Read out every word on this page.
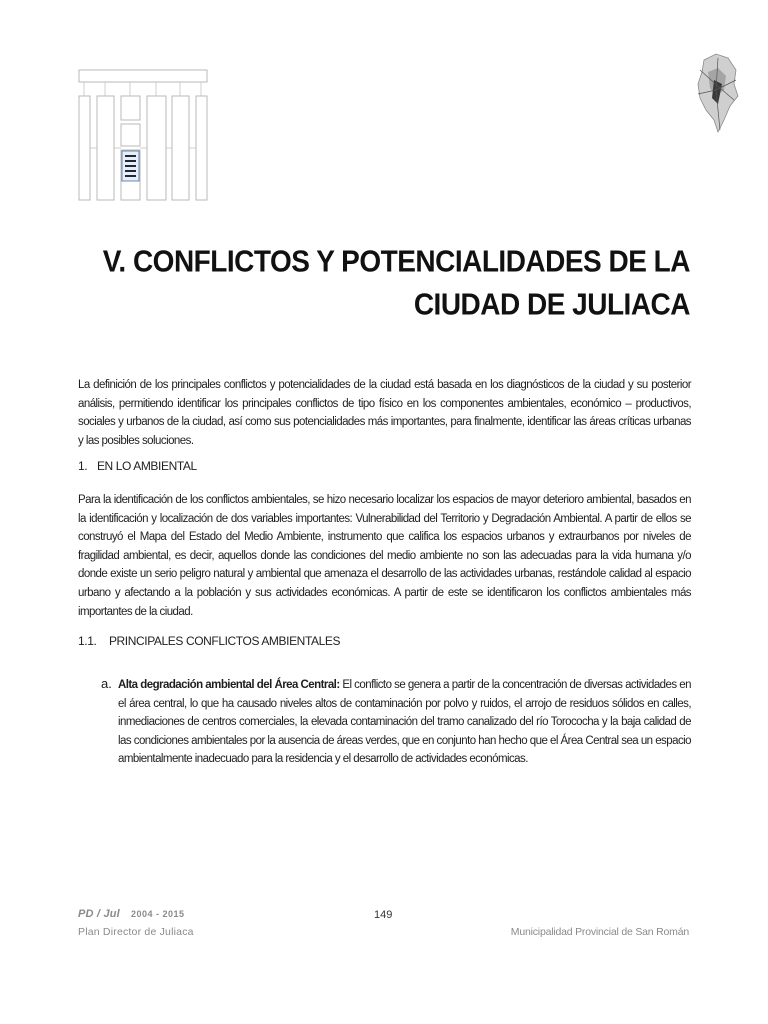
V. CONFLICTOS Y POTENCIALIDADES DE LA
CIUDAD DE JULIACA
La definición de los principales conflictos y potencialidades de la ciudad está basada en los diagnósticos de la ciudad y su posterior análisis, permitiendo identificar los principales conflictos de tipo físico en los componentes ambientales, económico – productivos, sociales y urbanos de la ciudad, así como sus potencialidades más importantes, para finalmente, identificar las áreas críticas urbanas y las posibles soluciones.
1. EN LO AMBIENTAL
Para la identificación de los conflictos ambientales, se hizo necesario localizar los espacios de mayor deterioro ambiental, basados en la identificación y localización de dos variables importantes: Vulnerabilidad del Territorio y Degradación Ambiental. A partir de ellos se construyó el Mapa del Estado del Medio Ambiente, instrumento que califica los espacios urbanos y extraurbanos por niveles de fragilidad ambiental, es decir, aquellos donde las condiciones del medio ambiente no son las adecuadas para la vida humana y/o donde existe un serio peligro natural y ambiental que amenaza el desarrollo de las actividades urbanas, restándole calidad al espacio urbano y afectando a la población y sus actividades económicas. A partir de este se identificaron los conflictos ambientales más importantes de la ciudad.
1.1. PRINCIPALES CONFLICTOS AMBIENTALES
a. Alta degradación ambiental del Área Central: El conflicto se genera a partir de la concentración de diversas actividades en el área central, lo que ha causado niveles altos de contaminación por polvo y ruidos, el arrojo de residuos sólidos en calles, inmediaciones de centros comerciales, la elevada contaminación del tramo canalizado del río Torococha y la baja calidad de las condiciones ambientales por la ausencia de áreas verdes, que en conjunto han hecho que el Área Central sea un espacio ambientalmente inadecuado para la residencia y el desarrollo de actividades económicas.
PD / Jul 2004 - 2015
Plan Director de Juliaca
149
Municipalidad Provincial de San Román
